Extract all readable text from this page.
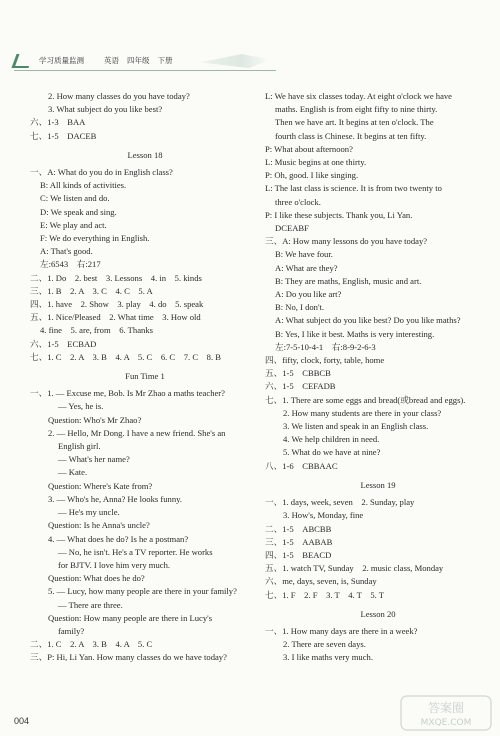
学习质量监测	英语 四年级 下册
2. How many classes do you have today?
3. What subject do you like best?
六、1-3　BAA
七、1-5　DACEB
Lesson 18
一、A: What do you do in English class?
B: All kinds of activities.
C: We listen and do.
D: We speak and sing.
E: We play and act.
F: We do everything in English.
A: That's good.
左:6543　右:217
二、1. Do　2. best　3. Lessons　4. in　5. kinds
三、1. B　2. A　3. C　4. C　5. A
四、1. have　2. Show　3. play　4. do　5. speak
五、1. Nice/Pleased　2. What time　3. How old
4. fine　5. are, from　6. Thanks
六、1-5　ECBAD
七、1. C　2. A　3. B　4. A　5. C　6. C　7. C　8. B
Fun Time 1
一、1. — Excuse me, Bob. Is Mr Zhao a maths teacher?
— Yes, he is.
Question: Who's Mr Zhao?
2. — Hello, Mr Dong. I have a new friend. She's an
English girl.
— What's her name?
— Kate.
Question: Where's Kate from?
3. — Who's he, Anna? He looks funny.
— He's my uncle.
Question: Is he Anna's uncle?
4. — What does he do? Is he a postman?
— No, he isn't. He's a TV reporter. He works
for BJTV. I love him very much.
Question: What does he do?
5. — Lucy, how many people are there in your family?
— There are three.
Question: How many people are there in Lucy's
family?
二、1. C　2. A　3. B　4. A　5. C
三、P: Hi, Li Yan. How many classes do we have today?
L: We have six classes today. At eight o'clock we have
maths. English is from eight fifty to nine thirty.
Then we have art. It begins at ten o'clock. The
fourth class is Chinese. It begins at ten fifty.
P: What about afternoon?
L: Music begins at one thirty.
P: Oh, good. I like singing.
L: The last class is science. It is from two twenty to
three o'clock.
P: I like these subjects. Thank you, Li Yan.
DCEABF
三、A: How many lessons do you have today?
B: We have four.
A: What are they?
B: They are maths, English, music and art.
A: Do you like art?
B: No, I don't.
A: What subject do you like best? Do you like maths?
B: Yes, I like it best. Maths is very interesting.
左:7-5-10-4-1　右:8-9-2-6-3
四、fifty, clock, forty, table, home
五、1-5　CBBCB
六、1-5　CEFADB
七、1. There are some eggs and bread(或bread and eggs).
2. How many students are there in your class?
3. We listen and speak in an English class.
4. We help children in need.
5. What do we have at nine?
八、1-6　CBBAAC
Lesson 19
一、1. days, week, seven　2. Sunday, play
3. How's, Monday, fine
二、1-5　ABCBB
三、1-5　AABAB
四、1-5　BEACD
五、1. watch TV, Sunday　2. music class, Monday
六、me, days, seven, is, Sunday
七、1. F　2. F　3. T　4. T　5. T
Lesson 20
一、1. How many days are there in a week?
2. There are seven days.
3. I like maths very much.
004
答案圈
MXQE.COM
